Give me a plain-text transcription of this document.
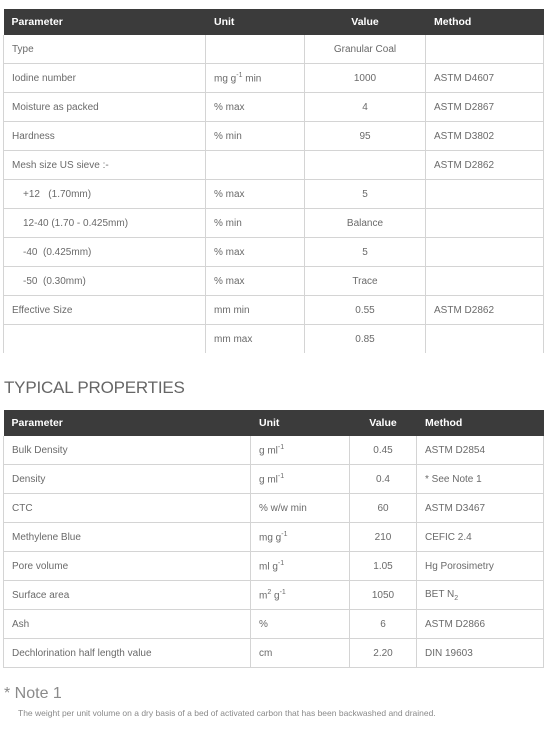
Parameter	Unit	Value	Method
Type		Granular Coal	
Iodine number	mg $g^{-1}$ min	1000	ASTM D4607
Moisture as packed	% max	4	ASTM D2867
Hardness	% min	95	ASTM D3802
Mesh size US sieve :-			ASTM D2862
+12   (1.70mm)	% max	5	
12-40 (1.70 - 0.425mm)	% min	Balance	
-40  (0.425mm)	% max	5	
-50  (0.30mm)	% max	Trace	
Effective Size	mm min	0.55	ASTM D2862
	mm max	0.85	
TYPICAL PROPERTIES
Parameter	Unit	Value	Method
Bulk Density	g $ml^{-1}$	0.45	ASTM D2854
Density	g $ml^{-1}$	0.4	* See Note 1
CTC	% w/w min	60	ASTM D3467
Methylene Blue	mg $g^{-1}$	210	CEFIC 2.4
Pore volume	ml $g^{-1}$	1.05	Hg Porosimetry
Surface area	$m^2$ $g^{-1}$	1050	BET $N_2$
Ash	%	6	ASTM D2866
Dechlorination half length value	cm	2.20	DIN 19603
* Note 1

The weight per unit volume on a dry basis of a bed of activated carbon that has been backwashed and drained.
